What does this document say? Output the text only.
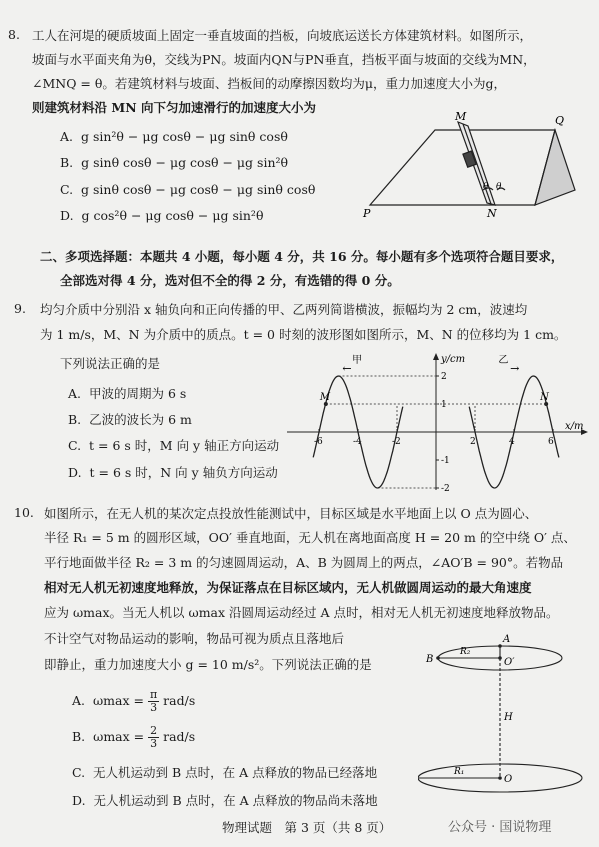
8. 工人在河堤的硬质坡面上固定一垂直坡面的挡板，向坡底运送长方体建筑材料。如图所示，
坡面与水平面夹角为θ，交线为PN。坡面内QN与PN垂直，挡板平面与坡面的交线为MN，
∠MNQ = θ。若建筑材料与坡面、挡板间的动摩擦因数均为μ，重力加速度大小为g，
则建筑材料沿 MN 向下匀加速滑行的加速度大小为
A. g sin²θ − μg cosθ − μg sinθ cosθ
B. g sinθ cosθ − μg cosθ − μg sin²θ
C. g sinθ cosθ − μg cosθ − μg sinθ cosθ
D. g cos²θ − μg cosθ − μg sin²θ
M	Q
P	N
θ θ
二、多项选择题：本题共 4 小题，每小题 4 分，共 16 分。每小题有多个选项符合题目要求，
全部选对得 4 分，选对但不全的得 2 分，有选错的得 0 分。
9. 均匀介质中分别沿 x 轴负向和正向传播的甲、乙两列简谐横波，振幅均为 2 cm，波速均
为 1 m/s，M、N 为介质中的质点。t = 0 时刻的波形图如图所示，M、N 的位移均为 1 cm。
下列说法正确的是
A. 甲波的周期为 6 s
B. 乙波的波长为 6 m
C. t = 6 s 时，M 向 y 轴正方向运动
D. t = 6 s 时，N 向 y 轴负方向运动
-6	-4	-2	2	4	6
2
1
-1
-2
M	N
x/m
y/cm
甲	乙
←	→
10. 如图所示，在无人机的某次定点投放性能测试中，目标区域是水平地面上以 O 点为圆心、
半径 R₁ = 5 m 的圆形区域，OO′ 垂直地面，无人机在离地面高度 H = 20 m 的空中绕 O′ 点、
平行地面做半径 R₂ = 3 m 的匀速圆周运动，A、B 为圆周上的两点，∠AO′B = 90°。若物品
相对无人机无初速度地释放，为保证落点在目标区域内，无人机做圆周运动的最大角速度
应为 ωmax。当无人机以 ωmax 沿圆周运动经过 A 点时，相对无人机无初速度地释放物品。
不计空气对物品运动的影响，物品可视为质点且落地后
即静止，重力加速度大小 g = 10 m/s²。下列说法正确的是
A. $\omega\max = \frac{\pi}{3} rad/s$
B. $\omega\max = \frac{2}{3} rad/s$
C. 无人机运动到 B 点时，在 A 点释放的物品已经落地
D. 无人机运动到 B 点时，在 A 点释放的物品尚未落地
A
B	O′
O
R₂
R₁
H
物理试题　第 3 页（共 8 页）	公众号 · 国说物理
